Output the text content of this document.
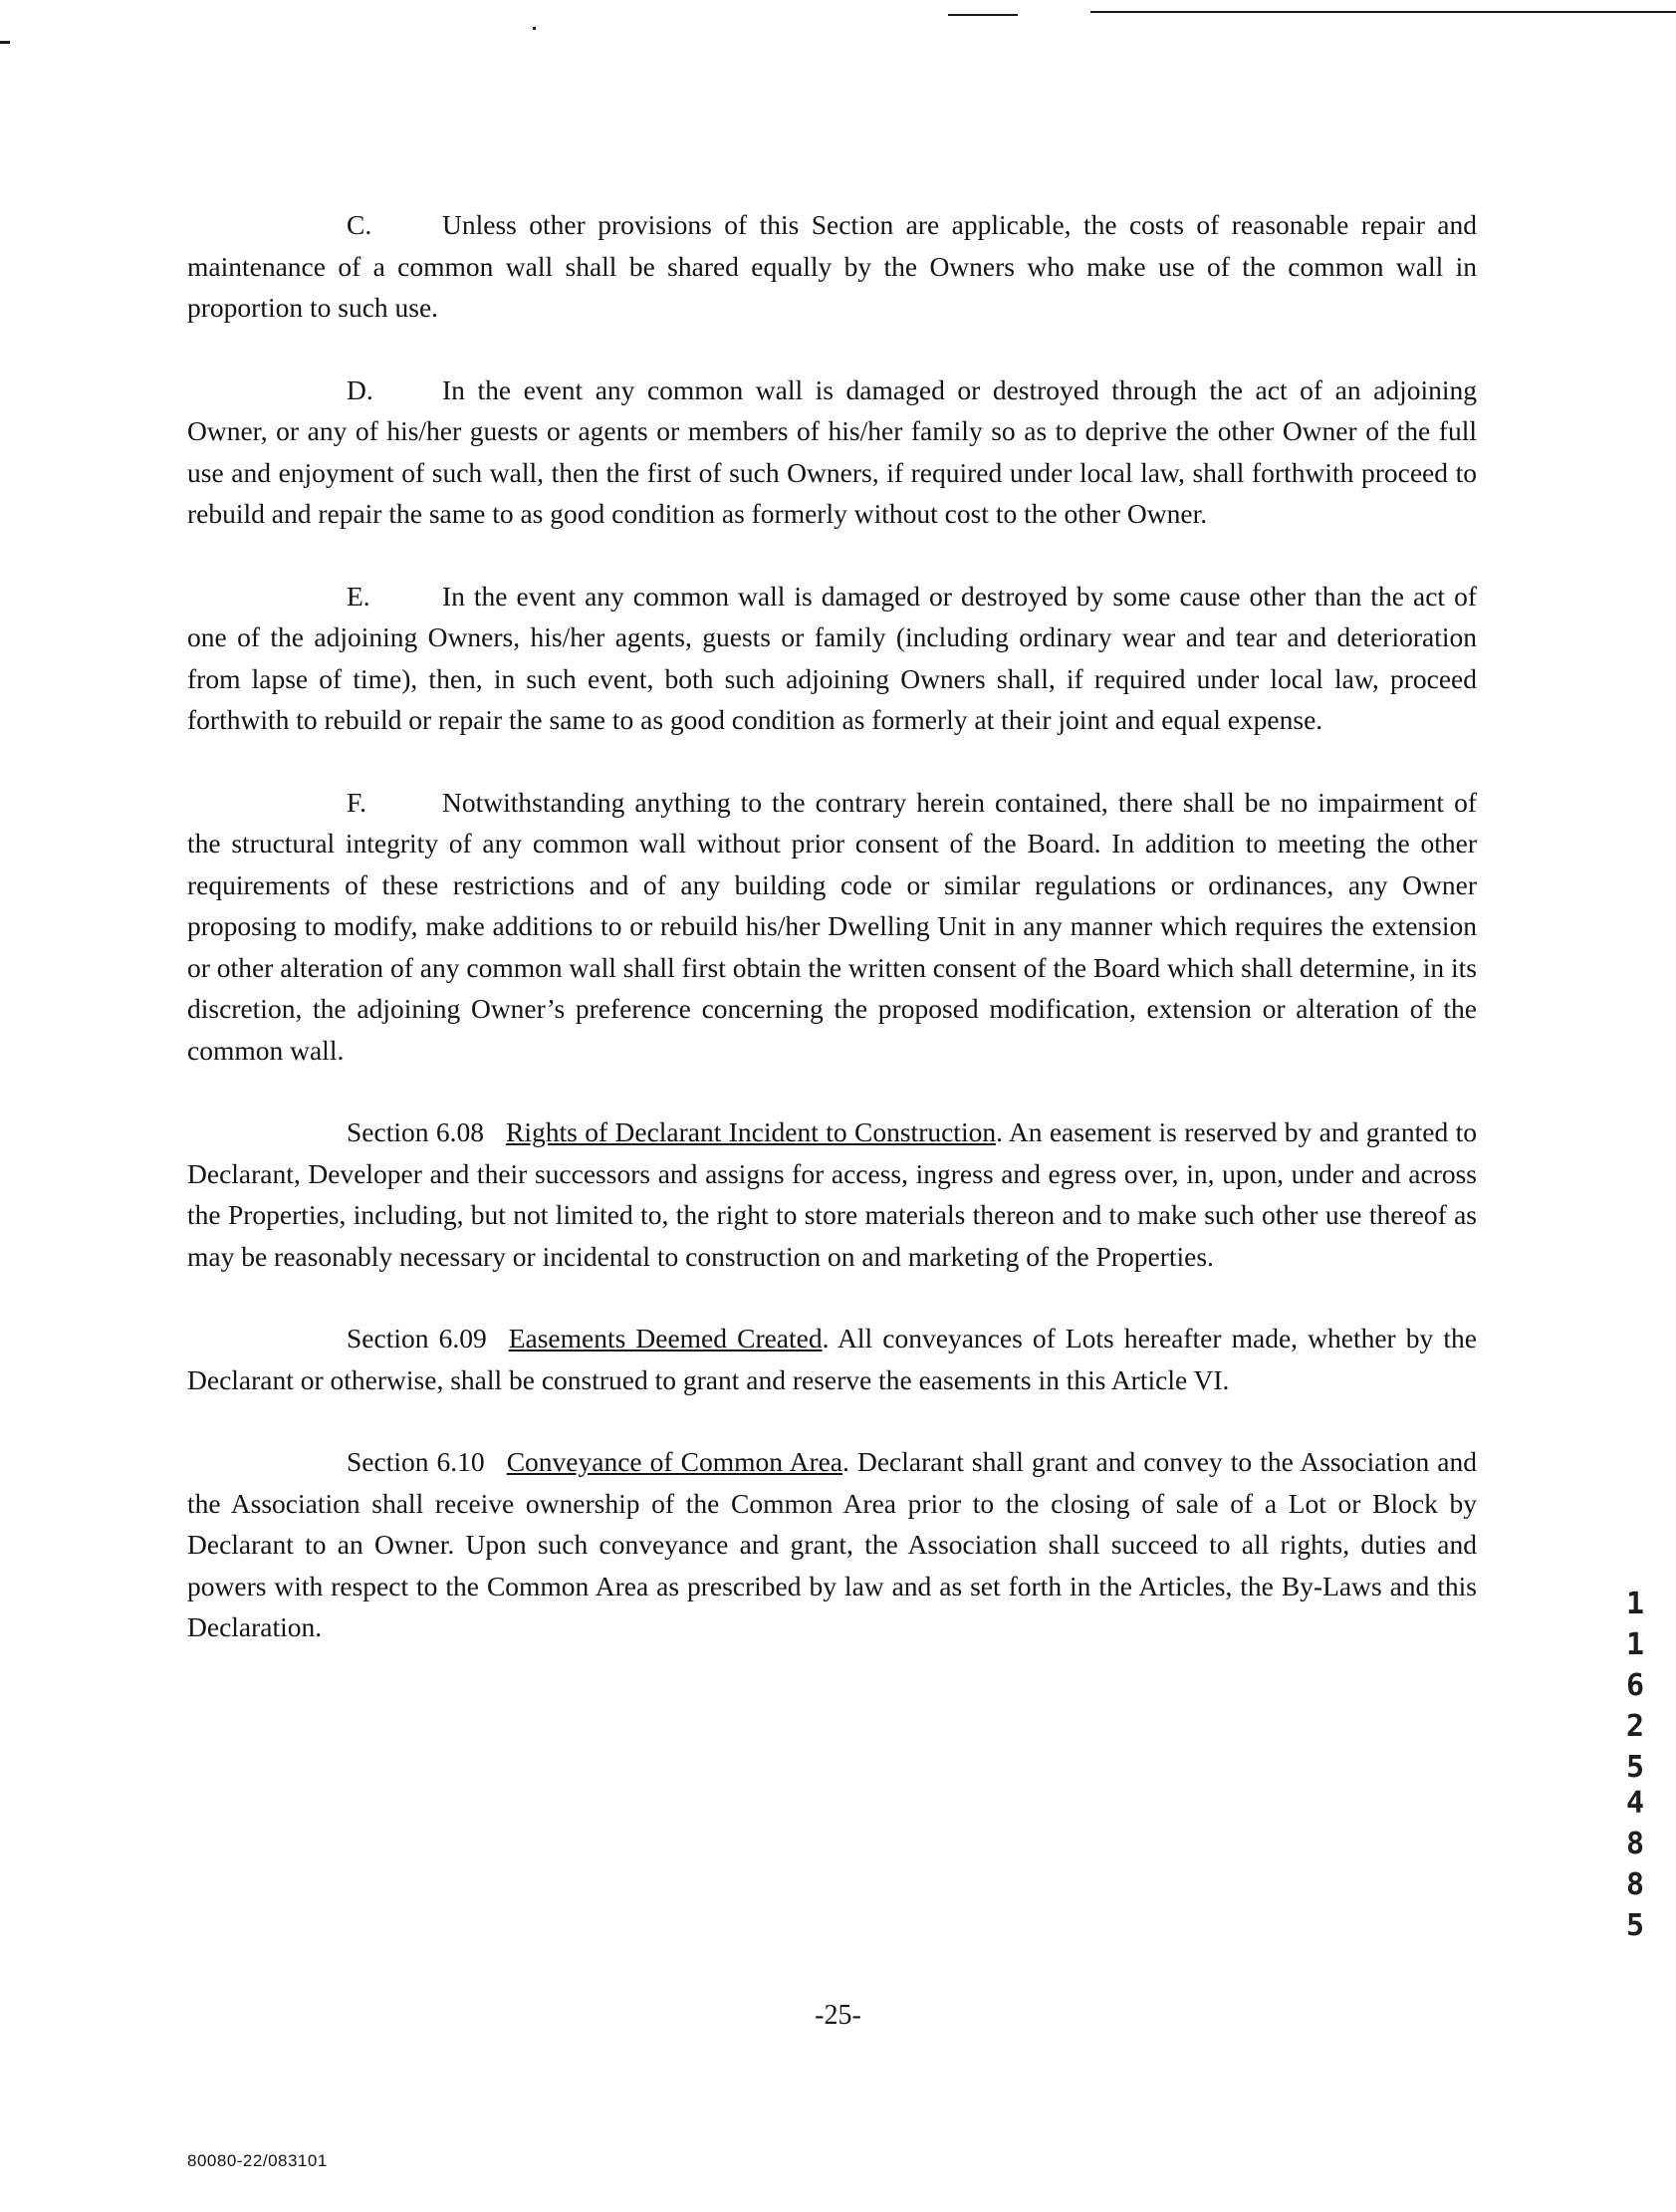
C.	Unless other provisions of this Section are applicable, the costs of reasonable repair and maintenance of a common wall shall be shared equally by the Owners who make use of the common wall in proportion to such use.

D.	In the event any common wall is damaged or destroyed through the act of an adjoining Owner, or any of his/her guests or agents or members of his/her family so as to deprive the other Owner of the full use and enjoyment of such wall, then the first of such Owners, if required under local law, shall forthwith proceed to rebuild and repair the same to as good condition as formerly without cost to the other Owner.

E.	In the event any common wall is damaged or destroyed by some cause other than the act of one of the adjoining Owners, his/her agents, guests or family (including ordinary wear and tear and deterioration from lapse of time), then, in such event, both such adjoining Owners shall, if required under local law, proceed forthwith to rebuild or repair the same to as good condition as formerly at their joint and equal expense.

F.	Notwithstanding anything to the contrary herein contained, there shall be no impairment of the structural integrity of any common wall without prior consent of the Board. In addition to meeting the other requirements of these restrictions and of any building code or similar regulations or ordinances, any Owner proposing to modify, make additions to or rebuild his/her Dwelling Unit in any manner which requires the extension or other alteration of any common wall shall first obtain the written consent of the Board which shall determine, in its discretion, the adjoining Owner’s preference concerning the proposed modification, extension or alteration of the common wall.

Section 6.08 Rights of Declarant Incident to Construction. An easement is reserved by and granted to Declarant, Developer and their successors and assigns for access, ingress and egress over, in, upon, under and across the Properties, including, but not limited to, the right to store materials thereon and to make such other use thereof as may be reasonably necessary or incidental to construction on and marketing of the Properties.

Section 6.09 Easements Deemed Created. All conveyances of Lots hereafter made, whether by the Declarant or otherwise, shall be construed to grant and reserve the easements in this Article VI.

Section 6.10 Conveyance of Common Area. Declarant shall grant and convey to the Association and the Association shall receive ownership of the Common Area prior to the closing of sale of a Lot or Block by Declarant to an Owner. Upon such conveyance and grant, the Association shall succeed to all rights, duties and powers with respect to the Common Area as prescribed by law and as set forth in the Articles, the By-Laws and this Declaration.

1
1
6
2
5
4
8
8
5
-25-
80080-22/083101
